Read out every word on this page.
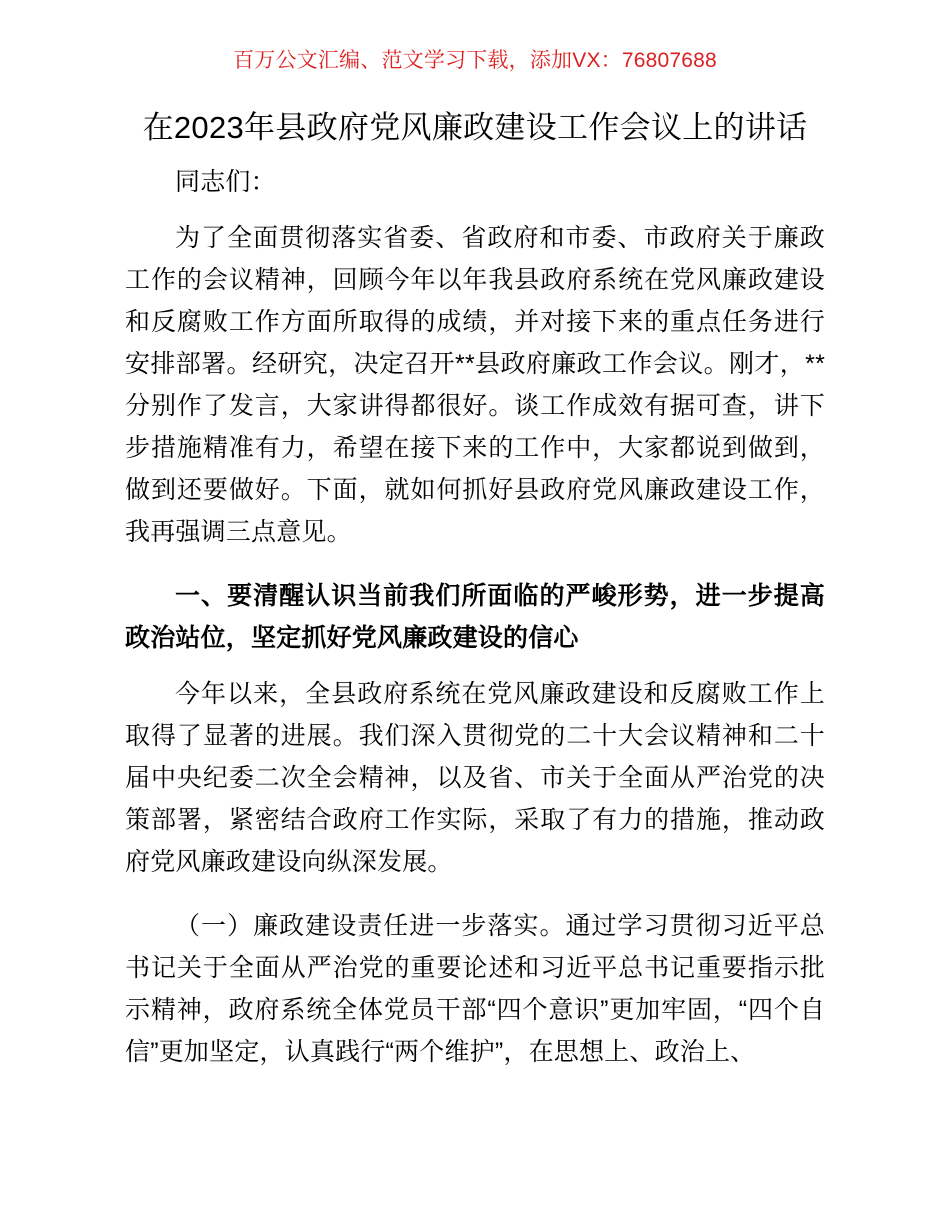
百万公文汇编、范文学习下载，添加VX：76807688
在2023年县政府党风廉政建设工作会议上的讲话

同志们：

为了全面贯彻落实省委、省政府和市委、市政府关于廉政工作的会议精神，回顾今年以年我县政府系统在党风廉政建设和反腐败工作方面所取得的成绩，并对接下来的重点任务进行安排部署。经研究，决定召开**县政府廉政工作会议。刚才，**分别作了发言，大家讲得都很好。谈工作成效有据可查，讲下步措施精准有力，希望在接下来的工作中，大家都说到做到，做到还要做好。下面，就如何抓好县政府党风廉政建设工作，我再强调三点意见。

一、要清醒认识当前我们所面临的严峻形势，进一步提高政治站位，坚定抓好党风廉政建设的信心

今年以来，全县政府系统在党风廉政建设和反腐败工作上取得了显著的进展。我们深入贯彻党的二十大会议精神和二十届中央纪委二次全会精神，以及省、市关于全面从严治党的决策部署，紧密结合政府工作实际，采取了有力的措施，推动政府党风廉政建设向纵深发展。

（一）廉政建设责任进一步落实。通过学习贯彻习近平总书记关于全面从严治党的重要论述和习近平总书记重要指示批示精神，政府系统全体党员干部“四个意识”更加牢固，“四个自信”更加坚定，认真践行“两个维护”，在思想上、政治上、
